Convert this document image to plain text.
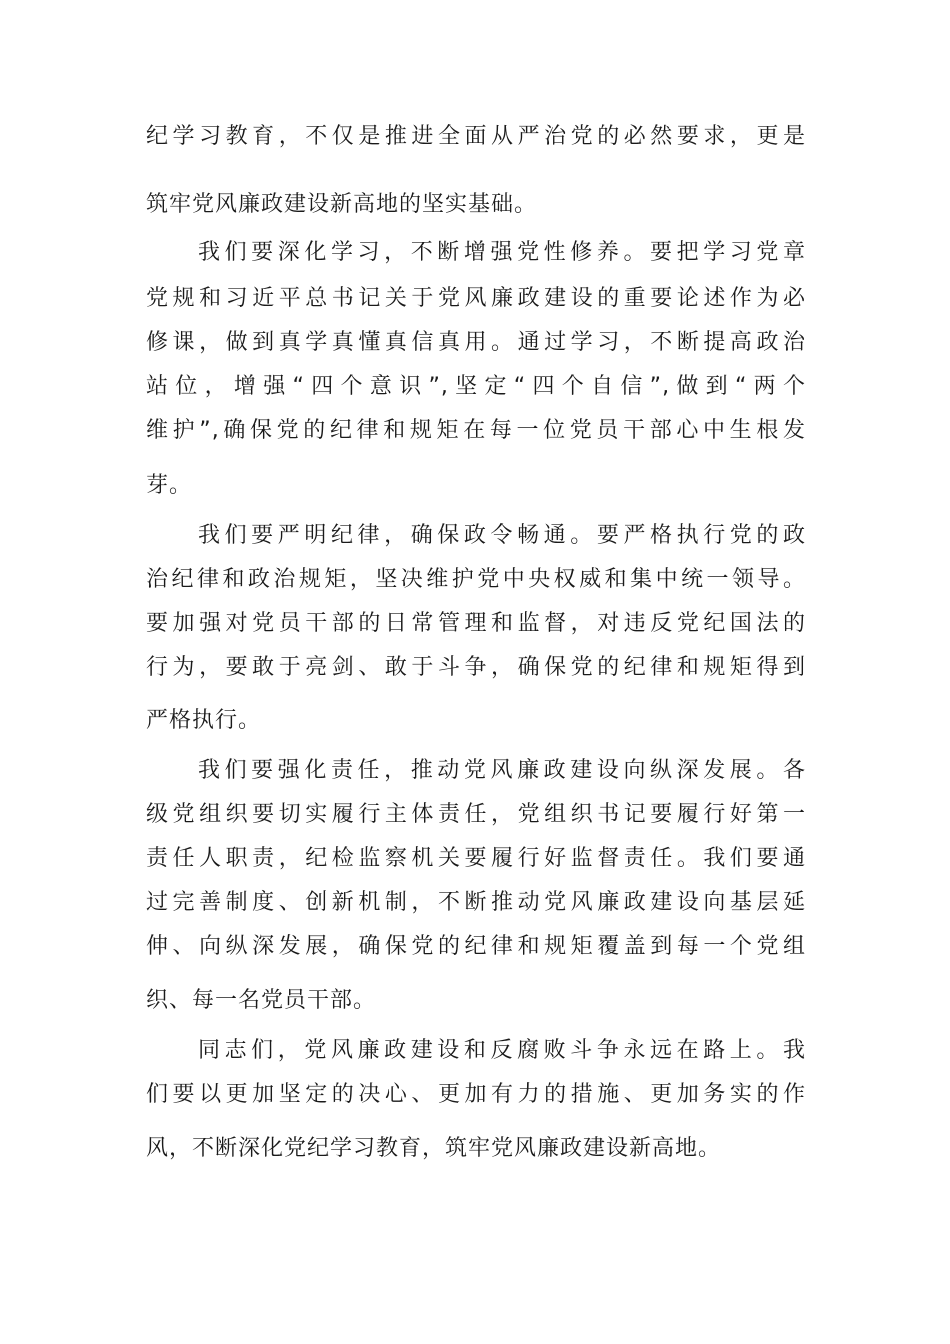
纪学习教育，不仅是推进全面从严治党的必然要求，更是
筑牢党风廉政建设新高地的坚实基础。
我们要深化学习，不断增强党性修养。要把学习党章
党规和习近平总书记关于党风廉政建设的重要论述作为必
修课，做到真学真懂真信真用。通过学习，不断提高政治
站位，增强“四个意识”,坚定“四个自信”,做到“两个
维护”,确保党的纪律和规矩在每一位党员干部心中生根发
芽。
我们要严明纪律，确保政令畅通。要严格执行党的政
治纪律和政治规矩，坚决维护党中央权威和集中统一领导。
要加强对党员干部的日常管理和监督，对违反党纪国法的
行为，要敢于亮剑、敢于斗争，确保党的纪律和规矩得到
严格执行。
我们要强化责任，推动党风廉政建设向纵深发展。各
级党组织要切实履行主体责任，党组织书记要履行好第一
责任人职责，纪检监察机关要履行好监督责任。我们要通
过完善制度、创新机制，不断推动党风廉政建设向基层延
伸、向纵深发展，确保党的纪律和规矩覆盖到每一个党组
织、每一名党员干部。
同志们，党风廉政建设和反腐败斗争永远在路上。我
们要以更加坚定的决心、更加有力的措施、更加务实的作
风，不断深化党纪学习教育，筑牢党风廉政建设新高地。
